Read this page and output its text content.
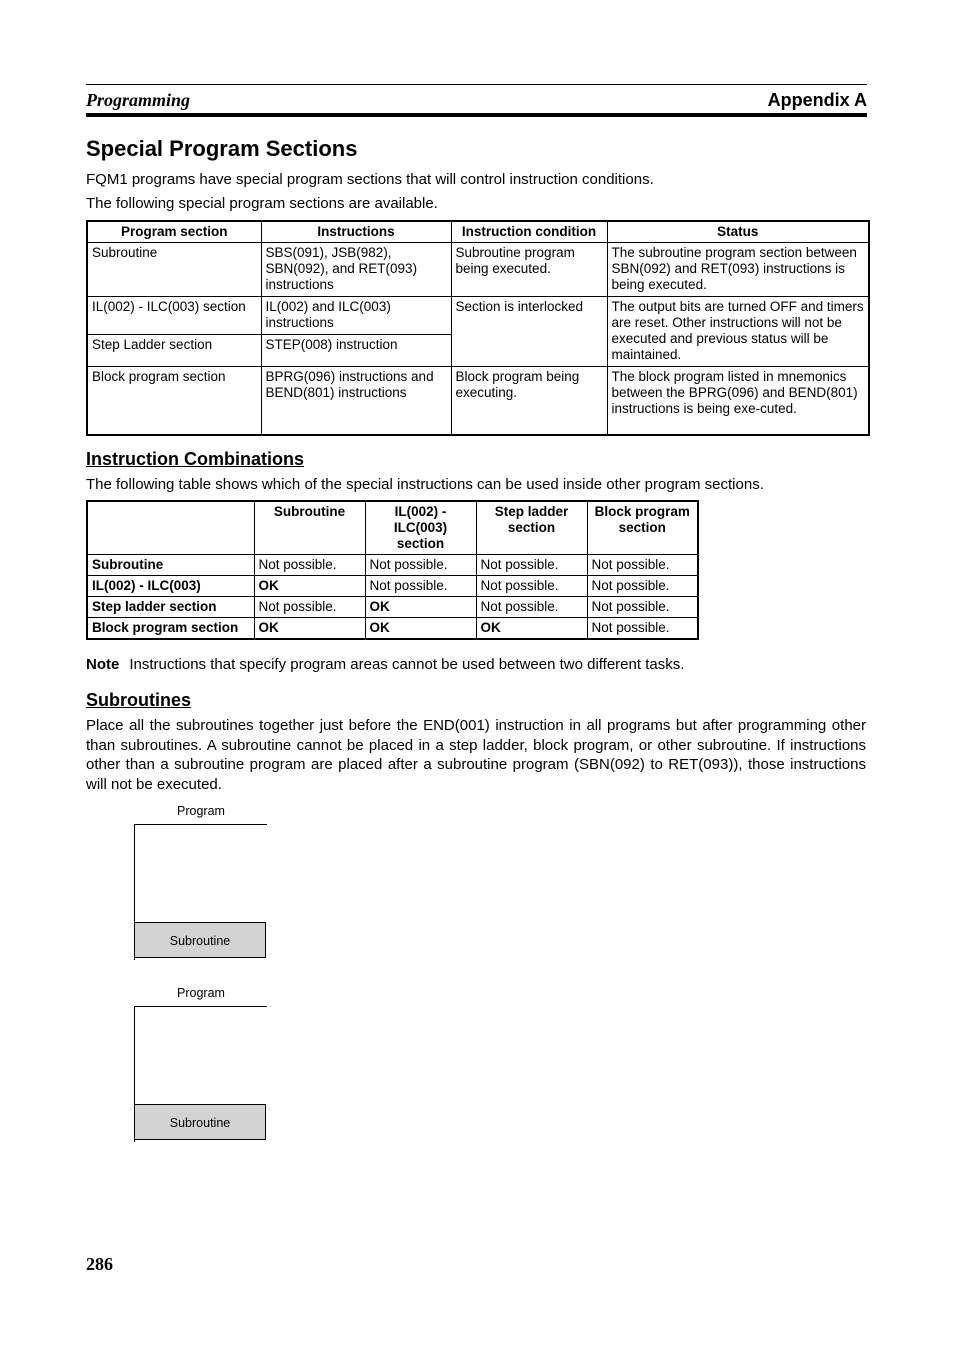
Programming	Appendix A
Special Program Sections

FQM1 programs have special program sections that will control instruction conditions.

The following special program sections are available.

Program section	Instructions	Instruction condition	Status
Subroutine	SBS(091), JSB(982), SBN(092), and RET(093) instructions	Subroutine program being executed.	The subroutine program section between SBN(092) and RET(093) instructions is being executed.
IL(002) - ILC(003) section	IL(002) and ILC(003) instructions	Section is interlocked	The output bits are turned OFF and timers are reset. Other instructions will not be executed and previous status will be maintained.
Step Ladder section	STEP(008) instruction		
Block program section	BPRG(096) instructions and BEND(801) instructions	Block program being executing.	The block program listed in mnemonics between the BPRG(096) and BEND(801) instructions is being exe-cuted.
Instruction Combinations

The following table shows which of the special instructions can be used inside other program sections.

	Subroutine	IL(002) - ILC(003) section	Step ladder section	Block program section
Subroutine	Not possible.	Not possible.	Not possible.	Not possible.
IL(002) - ILC(003)	OK	Not possible.	Not possible.	Not possible.
Step ladder section	Not possible.	OK	Not possible.	Not possible.
Block program section	OK	OK	OK	Not possible.
Note Instructions that specify program areas cannot be used between two different tasks.
Subroutines

Place all the subroutines together just before the END(001) instruction in all programs but after programming other than subroutines. A subroutine cannot be placed in a step ladder, block program, or other subroutine. If instructions other than a subroutine program are placed after a subroutine program (SBN(092) to RET(093)), those instructions will not be executed.

Program
Subroutine
Program
Subroutine
286
